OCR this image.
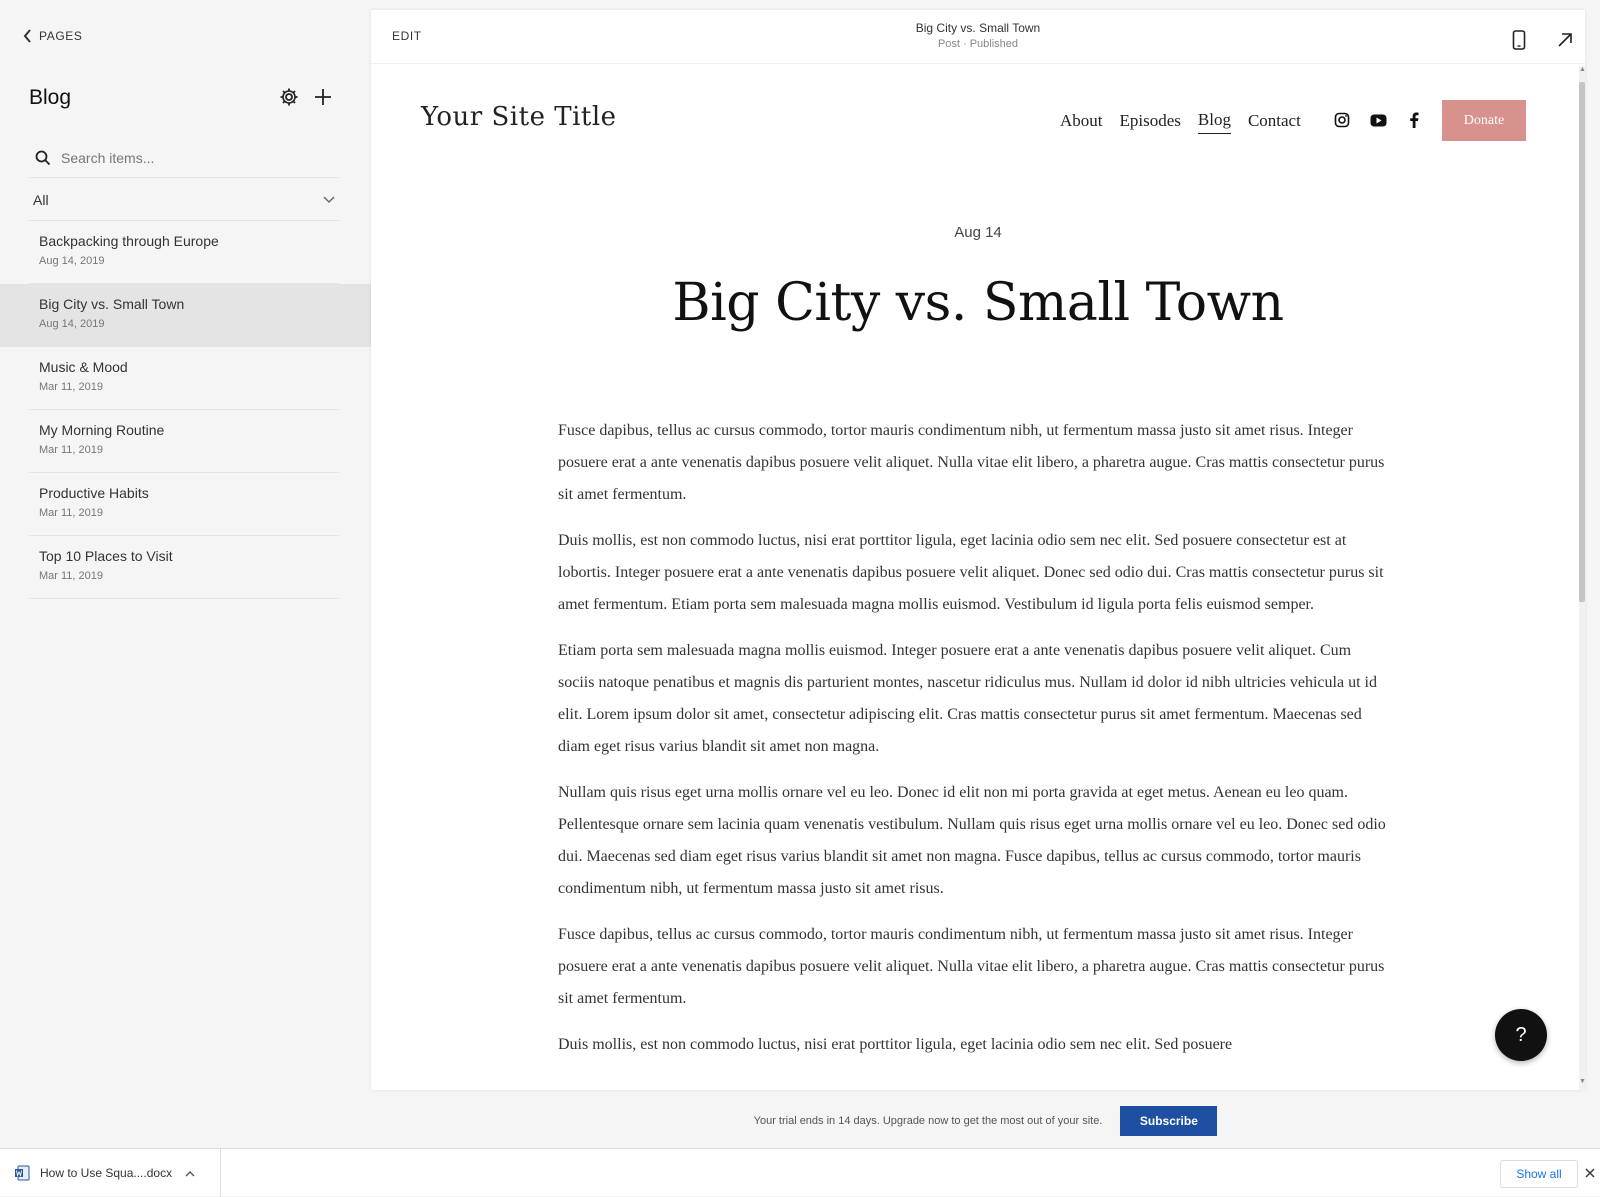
PAGES
Blog
Search items...
All
Backpacking through Europe
Aug 14, 2019
Big City vs. Small Town
Aug 14, 2019
Music & Mood
Mar 11, 2019
My Morning Routine
Mar 11, 2019
Productive Habits
Mar 11, 2019
Top 10 Places to Visit
Mar 11, 2019
EDIT
Big City vs. Small Town
Post · Published
Your Site Title	About Episodes Blog Contact	Donate
Aug 14
Big City vs. Small Town

Fusce dapibus, tellus ac cursus commodo, tortor mauris condimentum nibh, ut fermentum massa justo sit amet risus. Integer posuere erat a ante venenatis dapibus posuere velit aliquet. Nulla vitae elit libero, a pharetra augue. Cras mattis consectetur purus sit amet fermentum.

Duis mollis, est non commodo luctus, nisi erat porttitor ligula, eget lacinia odio sem nec elit. Sed posuere consectetur est at lobortis. Integer posuere erat a ante venenatis dapibus posuere velit aliquet. Donec sed odio dui. Cras mattis consectetur purus sit amet fermentum. Etiam porta sem malesuada magna mollis euismod. Vestibulum id ligula porta felis euismod semper.

Etiam porta sem malesuada magna mollis euismod. Integer posuere erat a ante venenatis dapibus posuere velit aliquet. Cum sociis natoque penatibus et magnis dis parturient montes, nascetur ridiculus mus. Nullam id dolor id nibh ultricies vehicula ut id elit. Lorem ipsum dolor sit amet, consectetur adipiscing elit. Cras mattis consectetur purus sit amet fermentum. Maecenas sed diam eget risus varius blandit sit amet non magna.

Nullam quis risus eget urna mollis ornare vel eu leo. Donec id elit non mi porta gravida at eget metus. Aenean eu leo quam. Pellentesque ornare sem lacinia quam venenatis vestibulum. Nullam quis risus eget urna mollis ornare vel eu leo. Donec sed odio dui. Maecenas sed diam eget risus varius blandit sit amet non magna. Fusce dapibus, tellus ac cursus commodo, tortor mauris condimentum nibh, ut fermentum massa justo sit amet risus.

Fusce dapibus, tellus ac cursus commodo, tortor mauris condimentum nibh, ut fermentum massa justo sit amet risus. Integer posuere erat a ante venenatis dapibus posuere velit aliquet. Nulla vitae elit libero, a pharetra augue. Cras mattis consectetur purus sit amet fermentum.

Duis mollis, est non commodo luctus, nisi erat porttitor ligula, eget lacinia odio sem nec elit. Sed posuere	?
▲
▼
Your trial ends in 14 days. Upgrade now to get the most out of your site.	Subscribe
How to Use Squa....docx	Show all
